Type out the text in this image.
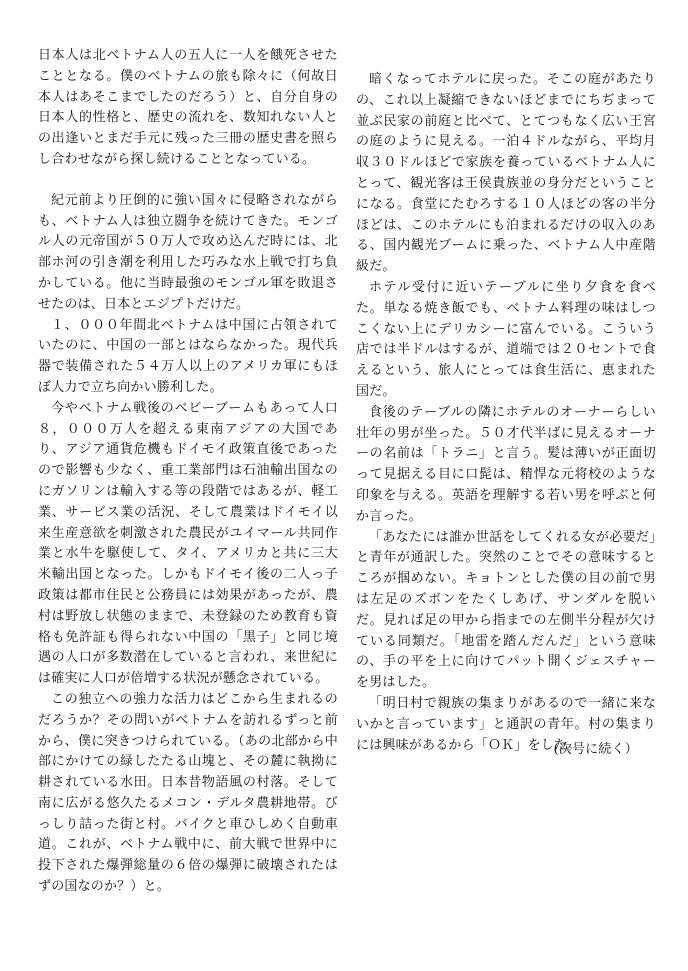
日本人は北ベトナム人の五人に一人を餓死させたこととなる。僕のベトナムの旅も除々に（何故日本人はあそこまでしたのだろう）と、自分自身の日本人的性格と、歴史の流れを、数知れない人との出逢いとまだ手元に残った三冊の歴史書を照らし合わせながら探し続けることとなっている。

紀元前より圧倒的に強い国々に侵略されながらも、ベトナム人は独立闘争を続けてきた。モンゴル人の元帝国が５０万人で攻め込んだ時には、北部ホ河の引き潮を利用した巧みな水上戦で打ち負かしている。他に当時最強のモンゴル軍を敗退させたのは、日本とエジプトだけだ。

１、０００年間北ベトナムは中国に占領されていたのに、中国の一部とはならなかった。現代兵器で装備された５４万人以上のアメリカ軍にもほぼ人力で立ち向かい勝利した。

今やベトナム戦後のベビーブームもあって人口８，０００万人を超える東南アジアの大国であり、アジア通貨危機もドイモイ政策直後であったので影響も少なく、重工業部門は石油輸出国なのにガソリンは輸入する等の段階ではあるが、軽工業、サービス業の活況、そして農業はドイモイ以来生産意欲を刺激された農民がユイマール共同作業と水牛を駆使して、タイ、アメリカと共に三大米輸出国となった。しかもドイモイ後の二人っ子政策は都市住民と公務員には効果があったが、農村は野放し状態のままで、未登録のため教育も資格も免許証も得られない中国の「黒子」と同じ境遇の人口が多数潜在していると言われ、来世紀には確実に人口が倍増する状況が懸念されている。

この独立への強力な活力はどこから生まれるのだろうか？その問いがベトナムを訪れるずっと前から、僕に突きつけられている。（あの北部から中部にかけての緑したたる山塊と、その麓に執拗に耕されている水田。日本昔物語風の村落。そして南に広がる悠久たるメコン・デルタ農耕地帯。びっしり詰った街と村。バイクと車ひしめく自動車道。これが、ベトナム戦中に、前大戦で世界中に投下された爆弾総量の６倍の爆弾に破壊されたはずの国なのか？）と。

暗くなってホテルに戻った。そこの庭があたりの、これ以上凝縮できないほどまでにちぢまって並ぶ民家の前庭と比べて、とてつもなく広い王宮の庭のように見える。一泊４ドルながら、平均月収３０ドルほどで家族を養っているベトナム人にとって、観光客は王侯貴族並の身分だということになる。食堂にたむろする１０人ほどの客の半分ほどは、このホテルにも泊まれるだけの収入のある、国内観光ブームに乗った、ベトナム人中産階級だ。

ホテル受付に近いテーブルに坐り夕食を食べた。単なる焼き飯でも、ベトナム料理の味はしつこくない上にデリカシーに富んでいる。こういう店では半ドルはするが、道端では２０セントで食えるという、旅人にとっては食生活に、恵まれた国だ。

食後のテーブルの隣にホテルのオーナーらしい壮年の男が坐った。５０才代半ばに見えるオーナーの名前は「トラニ」と言う。髪は薄いが正面切って見据える目に口髭は、精悍な元将校のような印象を与える。英語を理解する若い男を呼ぶと何か言った。

「あなたには誰か世話をしてくれる女が必要だ」と青年が通訳した。突然のことでその意味するところが掴めない。キョトンとした僕の目の前で男は左足のズボンをたくしあげ、サンダルを脱いだ。見れば足の甲から指までの左側半分程が欠けている同類だ。「地雷を踏んだんだ」という意味の、手の平を上に向けてパット開くジェスチャーを男はした。

「明日村で親族の集まりがあるので一緒に来ないかと言っています」と通訳の青年。村の集まりには興味があるから「ＯＫ」をした。

(次号に続く）
